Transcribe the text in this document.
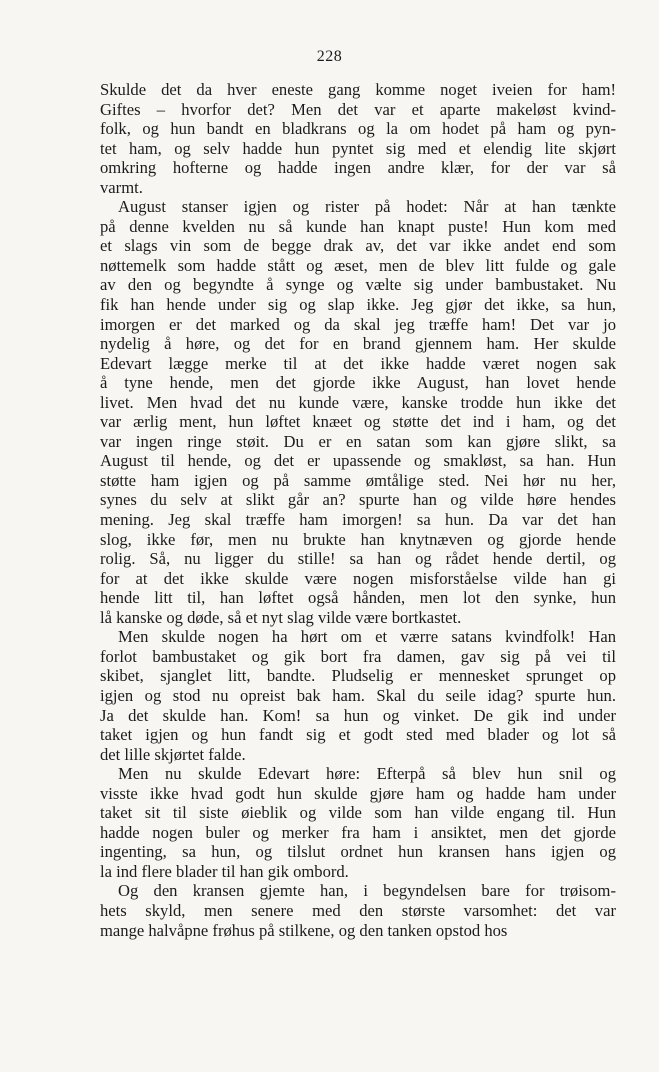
228

Skulde det da hver eneste gang komme noget iveien for ham!
Giftes – hvorfor det? Men det var et aparte makeløst kvind-
folk, og hun bandt en bladkrans og la om hodet på ham og pyn-
tet ham, og selv hadde hun pyntet sig med et elendig lite skjørt
omkring hofterne og hadde ingen andre klær, for der var så
varmt.

August stanser igjen og rister på hodet: Når at han tænkte
på denne kvelden nu så kunde han knapt puste! Hun kom med
et slags vin som de begge drak av, det var ikke andet end som
nøttemelk som hadde stått og æset, men de blev litt fulde og gale
av den og begyndte å synge og vælte sig under bambustaket. Nu
fik han hende under sig og slap ikke. Jeg gjør det ikke, sa hun,
imorgen er det marked og da skal jeg træffe ham! Det var jo
nydelig å høre, og det for en brand gjennem ham. Her skulde
Edevart lægge merke til at det ikke hadde været nogen sak
å tyne hende, men det gjorde ikke August, han lovet hende
livet. Men hvad det nu kunde være, kanske trodde hun ikke det
var ærlig ment, hun løftet knæet og støtte det ind i ham, og det
var ingen ringe støit. Du er en satan som kan gjøre slikt, sa
August til hende, og det er upassende og smakløst, sa han. Hun
støtte ham igjen og på samme ømtålige sted. Nei hør nu her,
synes du selv at slikt går an? spurte han og vilde høre hendes
mening. Jeg skal træffe ham imorgen! sa hun. Da var det han
slog, ikke før, men nu brukte han knytnæven og gjorde hende
rolig. Så, nu ligger du stille! sa han og rådet hende dertil, og
for at det ikke skulde være nogen misforståelse vilde han gi
hende litt til, han løftet også hånden, men lot den synke, hun
lå kanske og døde, så et nyt slag vilde være bortkastet.

Men skulde nogen ha hørt om et værre satans kvindfolk! Han
forlot bambustaket og gik bort fra damen, gav sig på vei til
skibet, sjanglet litt, bandte. Pludselig er mennesket sprunget op
igjen og stod nu opreist bak ham. Skal du seile idag? spurte hun.
Ja det skulde han. Kom! sa hun og vinket. De gik ind under
taket igjen og hun fandt sig et godt sted med blader og lot så
det lille skjørtet falde.

Men nu skulde Edevart høre: Efterpå så blev hun snil og
visste ikke hvad godt hun skulde gjøre ham og hadde ham under
taket sit til siste øieblik og vilde som han vilde engang til. Hun
hadde nogen buler og merker fra ham i ansiktet, men det gjorde
ingenting, sa hun, og tilslut ordnet hun kransen hans igjen og
la ind flere blader til han gik ombord.

Og den kransen gjemte han, i begyndelsen bare for trøisom-
hets skyld, men senere med den største varsomhet: det var
mange halvåpne frøhus på stilkene, og den tanken opstod hos
